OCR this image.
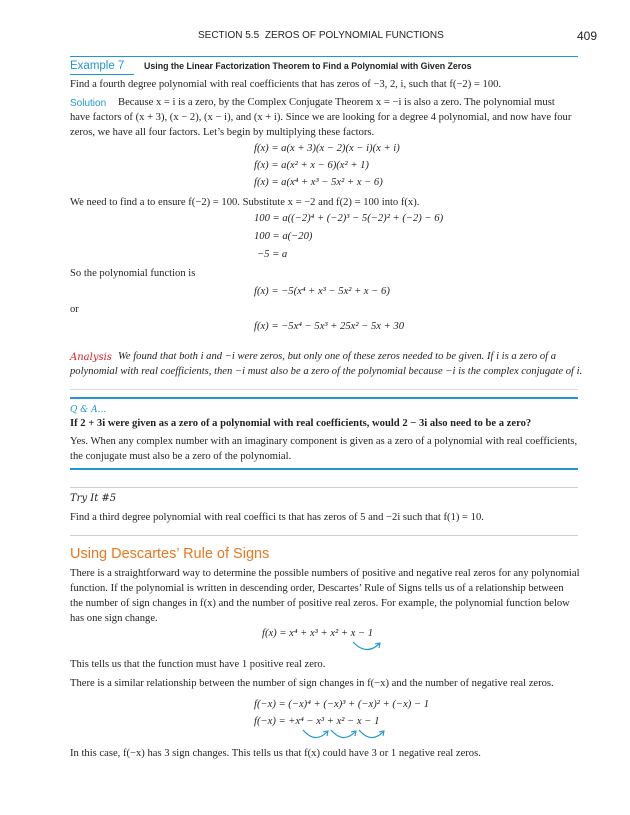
SECTION 5.5 ZEROS OF POLYNOMIAL FUNCTIONS	409
Example 7 Using the Linear Factorization Theorem to Find a Polynomial with Given Zeros
Find a fourth degree polynomial with real coefficients that has zeros of −3, 2, i, such that f(−2) = 100.
Solution Because x = i is a zero, by the Complex Conjugate Theorem x = −i is also a zero. The polynomial must
have factors of (x + 3), (x − 2), (x − i), and (x + i). Since we are looking for a degree 4 polynomial, and now have four
zeros, we have all four factors. Let’s begin by multiplying these factors.
f(x) = a(x + 3)(x − 2)(x − i)(x + i)
f(x) = a(x² + x − 6)(x² + 1)
f(x) = a(x⁴ + x³ − 5x² + x − 6)
We need to find a to ensure f(−2) = 100. Substitute x = −2 and f(2) = 100 into f(x).
100 = a((−2)⁴ + (−2)³ − 5(−2)² + (−2) − 6)
100 = a(−20)
−5 = a
So the polynomial function is
f(x) = −5(x⁴ + x³ − 5x² + x − 6)
or
f(x) = −5x⁴ − 5x³ + 25x² − 5x + 30
Analysis We found that both i and −i were zeros, but only one of these zeros needed to be given. If i is a zero of a
polynomial with real coefficients, then −i must also be a zero of the polynomial because −i is the complex conjugate of i.
Q & A...
If 2 + 3i were given as a zero of a polynomial with real coefficients, would 2 − 3i also need to be a zero?
Yes. When any complex number with an imaginary component is given as a zero of a polynomial with real coefficients,
the conjugate must also be a zero of the polynomial.
Try It #5
Find a third degree polynomial with real coeffici ts that has zeros of 5 and −2i such that f(1) = 10.
Using Descartes’ Rule of Signs
There is a straightforward way to determine the possible numbers of positive and negative real zeros for any polynomial
function. If the polynomial is written in descending order, Descartes’ Rule of Signs tells us of a relationship between
the number of sign changes in f(x) and the number of positive real zeros. For example, the polynomial function below
has one sign change.
f(x) = x⁴ + x³ + x² + x − 1
This tells us that the function must have 1 positive real zero.
There is a similar relationship between the number of sign changes in f(−x) and the number of negative real zeros.
f(−x) = (−x)⁴ + (−x)³ + (−x)² + (−x) − 1
f(−x) = +x⁴ − x³ + x² − x − 1
In this case, f(−x) has 3 sign changes. This tells us that f(x) could have 3 or 1 negative real zeros.
